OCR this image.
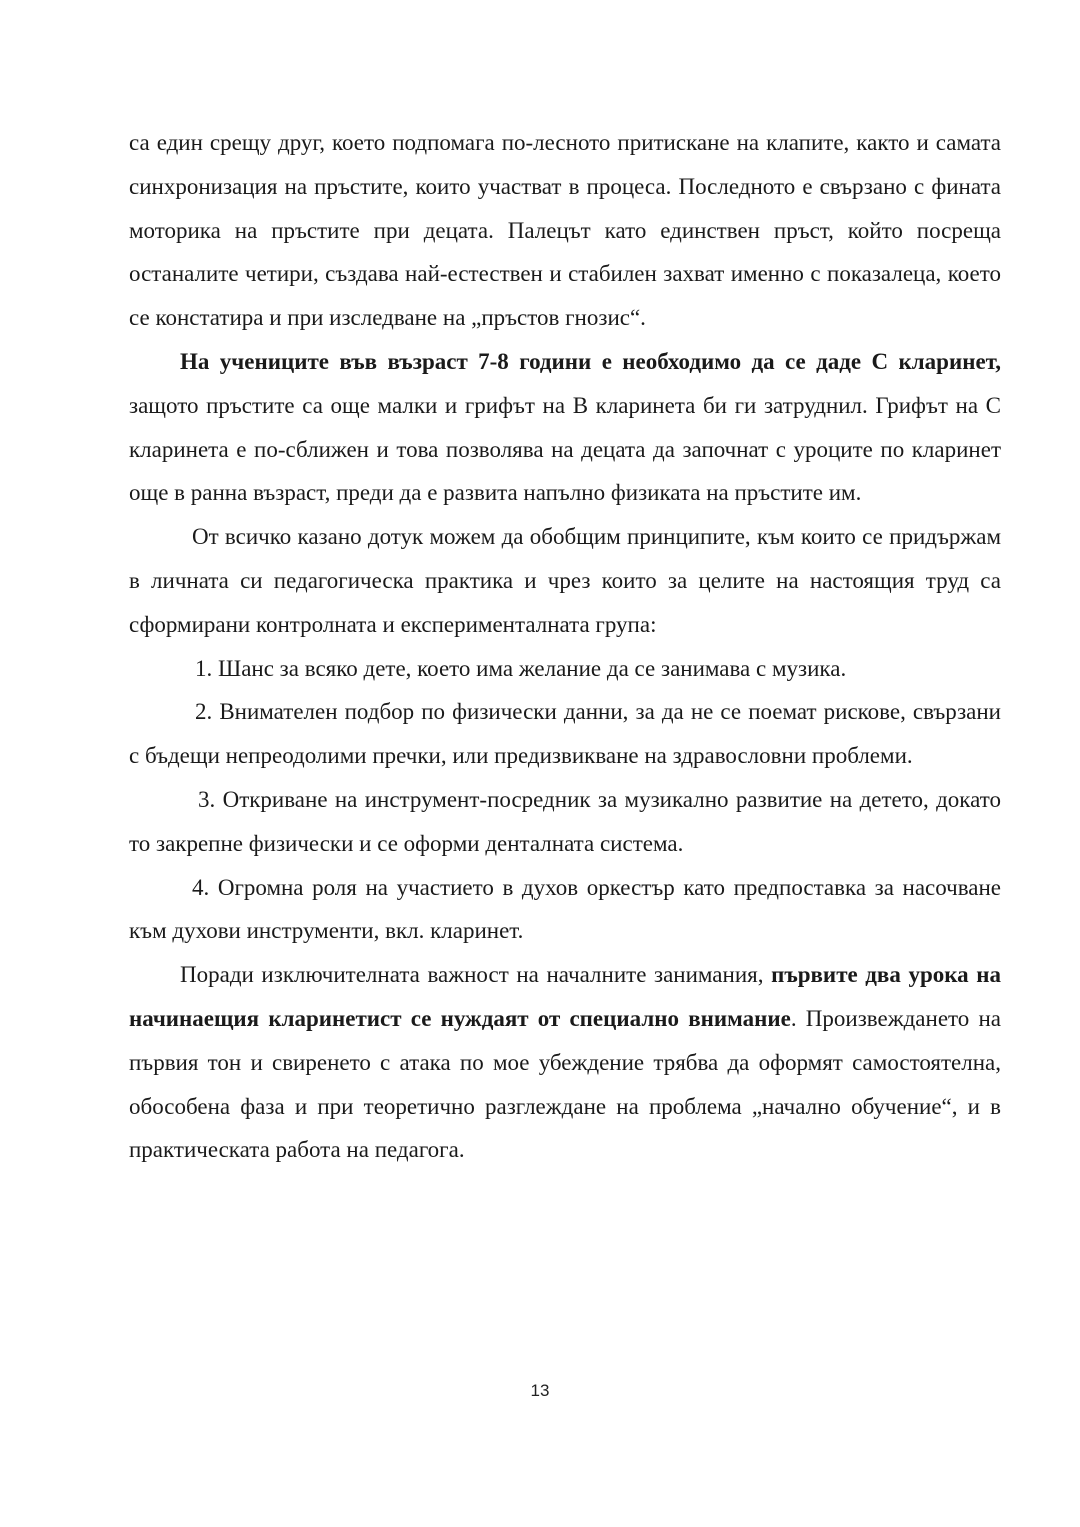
са един срещу друг, което подпомага по-лесното притискане на клапите, както и самата синхронизация на пръстите, които участват в процеса. Последното е свързано с фината моторика на пръстите при децата. Палецът като единствен пръст, който посреща останалите четири, създава най-естествен и стабилен захват именно с показалеца, което се констатира и при изследване на „пръстов гнозис“.

На учениците във възраст 7-8 години е необходимо да се даде С кларинет, защото пръстите са още малки и грифът на В кларинета би ги затруднил. Грифът на С кларинета е по-сближен и това позволява на децата да започнат с уроците по кларинет още в ранна възраст, преди да е развита напълно физиката на пръстите им.

От всичко казано дотук можем да обобщим принципите, към които се придържам в личната си педагогическа практика и чрез които за целите на настоящия труд са сформирани контролната и експерименталната група:

1. Шанс за всяко дете, което има желание да се занимава с музика.

2. Внимателен подбор по физически данни, за да не се поемат рискове, свързани с бъдещи непреодолими пречки, или предизвикване на здравословни проблеми.

3. Откриване на инструмент-посредник за музикално развитие на детето, докато то закрепне физически и се оформи денталната система.

4. Огромна роля на участието в духов оркестър като предпоставка за насочване към духови инструменти, вкл. кларинет.

Поради изключителната важност на началните занимания, първите два урока на начинаещия кларинетист се нуждаят от специално внимание. Произвеждането на първия тон и свиренето с атака по мое убеждение трябва да оформят самостоятелна, обособена фаза и при теоретично разглеждане на проблема „начално обучение“, и в практическата работа на педагога.

13
